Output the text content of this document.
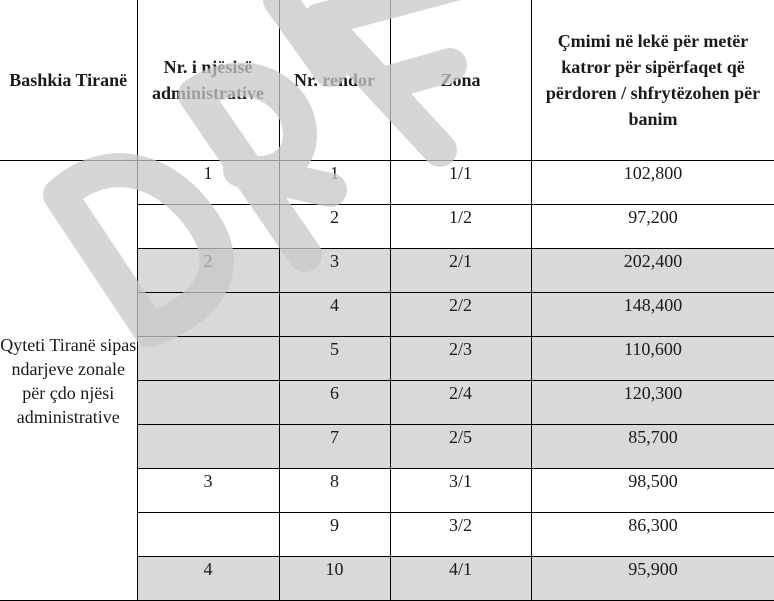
Bashkia Tiranë	Nr. i njësisë administrative	Nr. rendor	Zona	Çmimi në lekë për metër katror për sipërfaqet që përdoren / shfrytëzohen për banim
Qyteti Tiranë sipas ndarjeve zonale për çdo njësi administrative	1	1	1/1	102,800
		2	1/2	97,200
	2	3	2/1	202,400
		4	2/2	148,400
		5	2/3	110,600
		6	2/4	120,300
		7	2/5	85,700
	3	8	3/1	98,500
		9	3/2	86,300
	4	10	4/1	95,900
